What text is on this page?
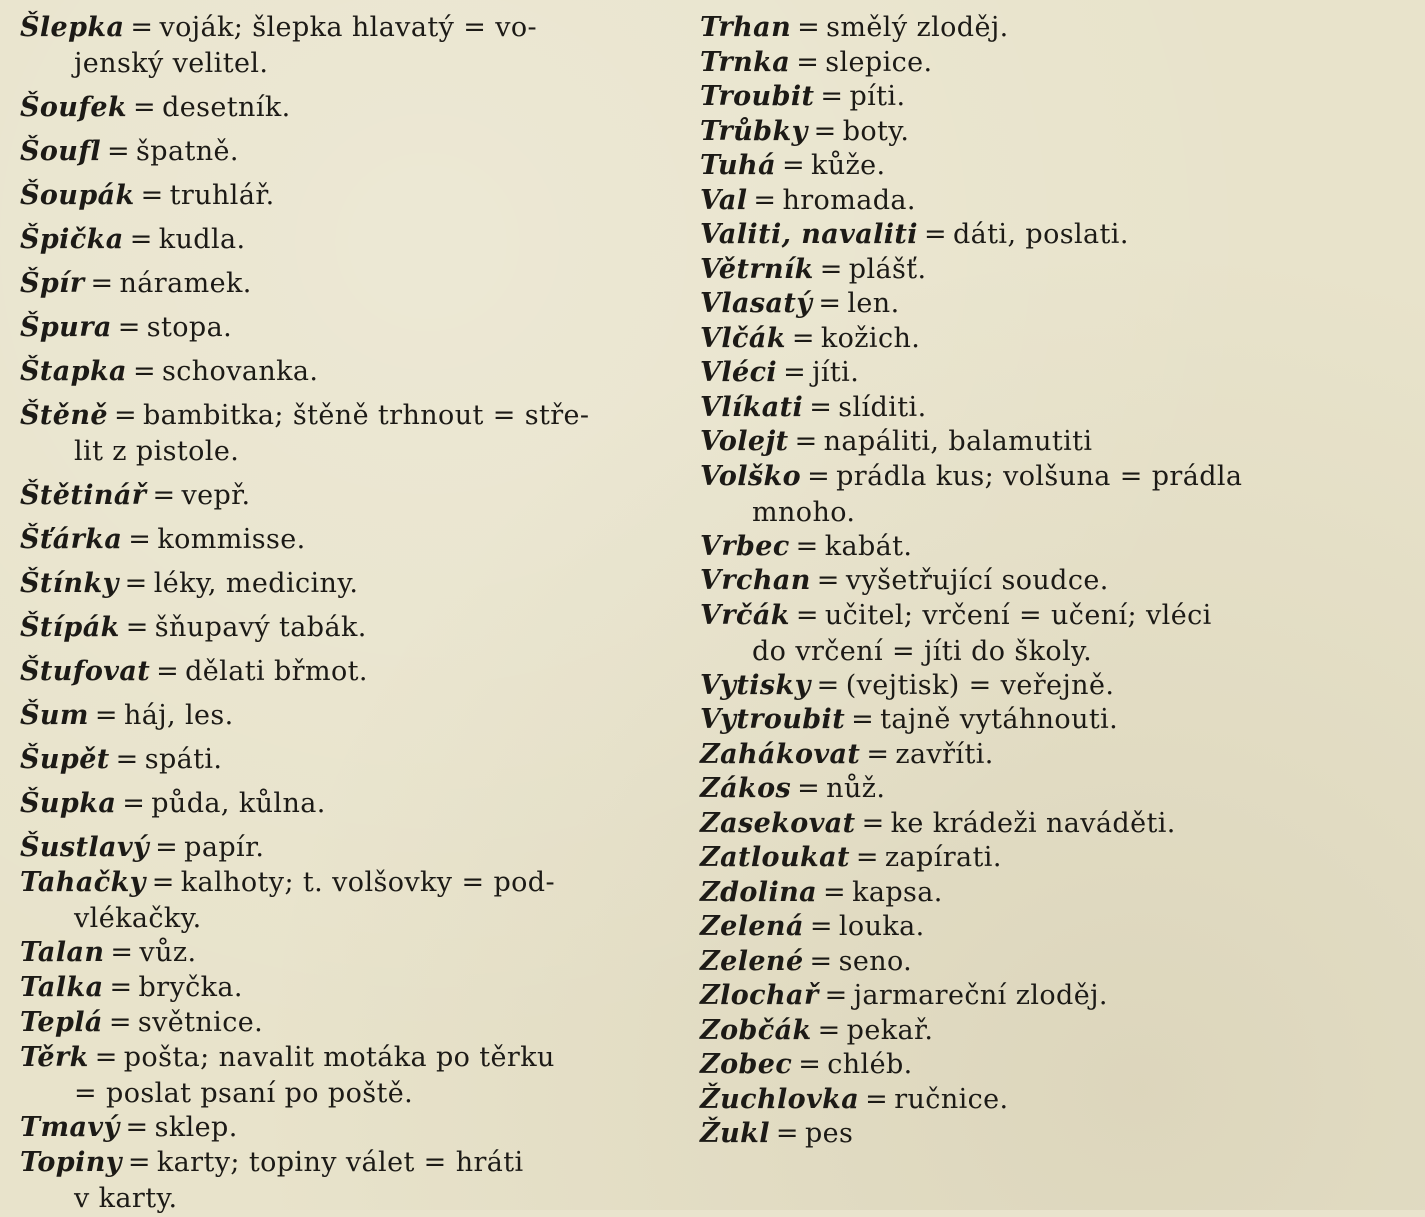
Šlepka = voják; šlepka hlavatý = vo-
jenský velitel.
Šoufek = desetník.
Šoufl = špatně.
Šoupák = truhlář.
Špička = kudla.
Špír = náramek.
Špura = stopa.
Štapka = schovanka.
Štěně = bambitka; štěně trhnout = stře-
lit z pistole.
Štětinář = vepř.
Šťárka = kommisse.
Štínky = léky, mediciny.
Štípák = šňupavý tabák.
Štufovat = dělati břmot.
Šum = háj, les.
Šupět = spáti.
Šupka = půda, kůlna.
Šustlavý = papír.
Tahačky = kalhoty; t. volšovky = pod-
vlékačky.
Talan = vůz.
Talka = bryčka.
Teplá = světnice.
Těrk = pošta; navalit motáka po těrku
= poslat psaní po poště.
Tmavý = sklep.
Topiny = karty; topiny válet = hráti
v karty.
Trhan = smělý zloděj.
Trnka = slepice.
Troubit = píti.
Trůbky = boty.
Tuhá = kůže.
Val = hromada.
Valiti, navaliti = dáti, poslati.
Větrník = plášť.
Vlasatý = len.
Vlčák = kožich.
Vléci = jíti.
Vlíkati = slíditi.
Volejt = napáliti, balamutiti
Volško = prádla kus; volšuna = prádla
mnoho.
Vrbec = kabát.
Vrchan = vyšetřující soudce.
Vrčák = učitel; vrčení = učení; vléci
do vrčení = jíti do školy.
Vytisky = (vejtisk) = veřejně.
Vytroubit = tajně vytáhnouti.
Zahákovat = zavříti.
Zákos = nůž.
Zasekovat = ke krádeži naváděti.
Zatloukat = zapírati.
Zdolina = kapsa.
Zelená = louka.
Zelené = seno.
Zlochař = jarmareční zloděj.
Zobčák = pekař.
Zobec = chléb.
Žuchlovka = ručnice.
Žukl = pes
